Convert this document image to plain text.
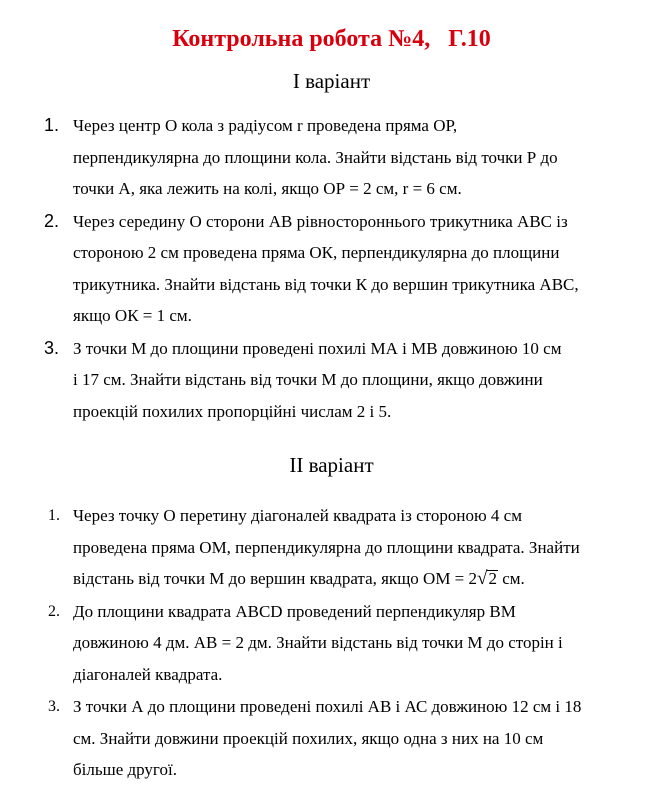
Контрольна робота №4,   Г.10
І варіант
1. Через центр О кола з радіусом r проведена пряма ОР,
перпендикулярна до площини кола. Знайти відстань від точки Р до
точки А, яка лежить на колі, якщо ОР = 2 см, r = 6 см.
2. Через середину О сторони АВ рівностороннього трикутника АВС із
стороною 2 см проведена пряма ОК, перпендикулярна до площини
трикутника. Знайти відстань від точки К до вершин трикутника АВС,
якщо ОК = 1 см.
3. З точки М до площини проведені похилі МА і МВ довжиною 10 см
і 17 см. Знайти відстань від точки М до площини, якщо довжини
проекцій похилих пропорційні числам 2 і 5.
ІІ варіант
1. Через точку О перетину діагоналей квадрата із стороною 4 см
проведена пряма ОМ, перпендикулярна до площини квадрата. Знайти
відстань від точки М до вершин квадрата, якщо ОМ = 2√2 см.
2. До площини квадрата ABCD проведений перпендикуляр ВМ
довжиною 4 дм. АВ = 2 дм. Знайти відстань від точки М до сторін і
діагоналей квадрата.
3. З точки А до площини проведені похилі АВ і АС довжиною 12 см і 18
см. Знайти довжини проекцій похилих, якщо одна з них на 10 см
більше другої.
